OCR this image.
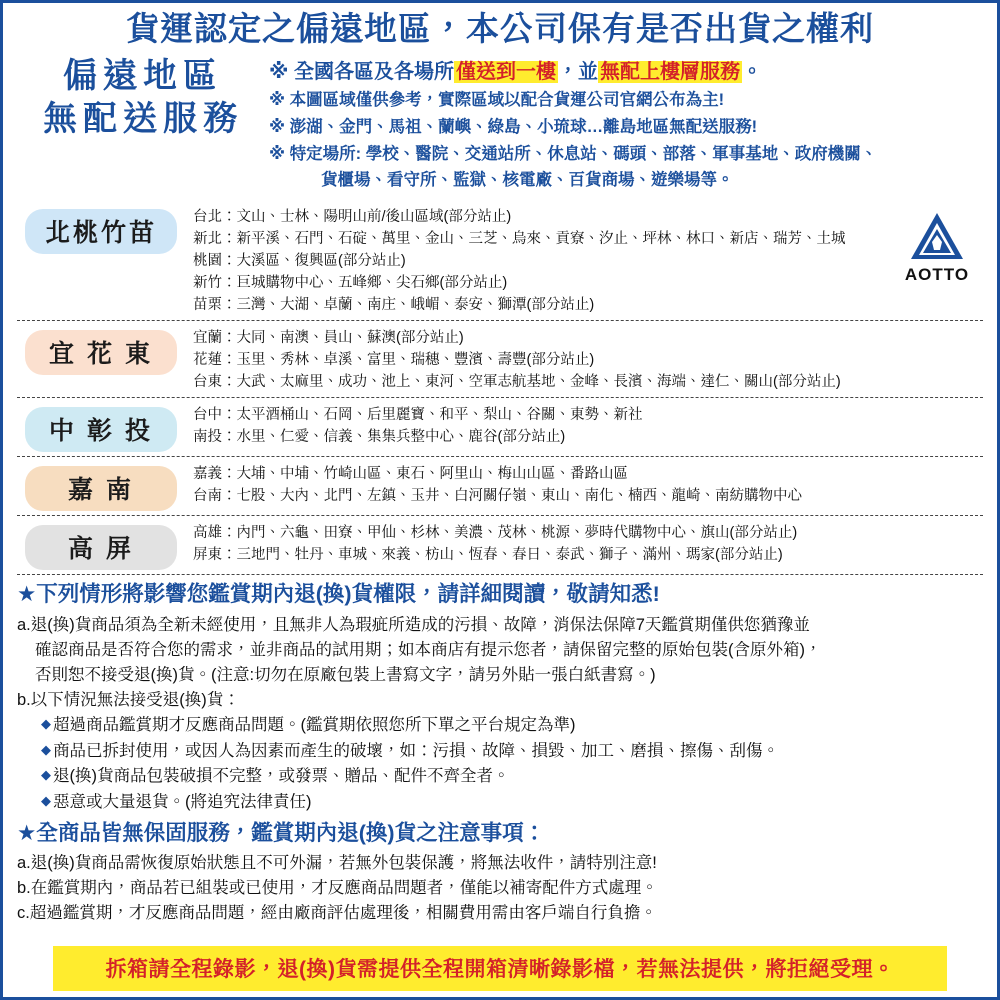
貨運認定之偏遠地區，本公司保有是否出貨之權利
偏遠地區
無配送服務
※ 全國各區及各場所 僅送到一樓 ，並 無配上樓層服務 。
※ 本圖區域僅供參考，實際區域以配合貨運公司官網公布為主!
※ 澎湖、金門、馬祖、蘭嶼、綠島、小琉球…離島地區無配送服務!
※ 特定場所: 學校、醫院、交通站所、休息站、碼頭、部落、軍事基地、政府機關、
貨櫃場、看守所、監獄、核電廠、百貨商場、遊樂場等。
北桃竹苗
台北：文山、士林、陽明山前/後山區域(部分站止)
新北：新平溪、石門、石碇、萬里、金山、三芝、烏來、貢寮、汐止、坪林、林口、新店、瑞芳、土城
桃園：大溪區、復興區(部分站止)
新竹：巨城購物中心、五峰鄉、尖石鄉(部分站止)
苗栗：三灣、大湖、卓蘭、南庄、峨嵋、泰安、獅潭(部分站止)
AOTTO
宜 花 東
宜蘭：大同、南澳、員山、蘇澳(部分站止)
花蓮：玉里、秀林、卓溪、富里、瑞穗、豐濱、壽豐(部分站止)
台東：大武、太麻里、成功、池上、東河、空軍志航基地、金峰、長濱、海端、達仁、關山(部分站止)
中 彰 投
台中：太平酒桶山、石岡、后里麗寶、和平、梨山、谷關、東勢、新社
南投：水里、仁愛、信義、集集兵整中心、鹿谷(部分站止)
嘉 南
嘉義：大埔、中埔、竹崎山區、東石、阿里山、梅山山區、番路山區
台南：七股、大內、北門、左鎮、玉井、白河關仔嶺、東山、南化、楠西、龍崎、南紡購物中心
高 屏
高雄：內門、六龜、田寮、甲仙、杉林、美濃、茂林、桃源、夢時代購物中心、旗山(部分站止)
屏東：三地門、牡丹、車城、來義、枋山、恆春、春日、泰武、獅子、滿州、瑪家(部分站止)
★下列情形將影響您鑑賞期內退(換)貨權限，請詳細閱讀，敬請知悉!
a.退(換)貨商品須為全新未經使用，且無非人為瑕疵所造成的污損、故障，消保法保障7天鑑賞期僅供您猶豫並
確認商品是否符合您的需求，並非商品的試用期；如本商店有提示您者，請保留完整的原始包裝(含原外箱)，
否則恕不接受退(換)貨。(注意:切勿在原廠包裝上書寫文字，請另外貼一張白紙書寫。)
b.以下情況無法接受退(換)貨：
◆ 超過商品鑑賞期才反應商品問題。(鑑賞期依照您所下單之平台規定為準)
◆ 商品已拆封使用，或因人為因素而產生的破壞，如：污損、故障、損毀、加工、磨損、擦傷、刮傷。
◆ 退(換)貨商品包裝破損不完整，或發票、贈品、配件不齊全者。
◆ 惡意或大量退貨。(將追究法律責任)
★全商品皆無保固服務，鑑賞期內退(換)貨之注意事項：
a.退(換)貨商品需恢復原始狀態且不可外漏，若無外包裝保護，將無法收件，請特別注意!
b.在鑑賞期內，商品若已組裝或已使用，才反應商品問題者，僅能以補寄配件方式處理。
c.超過鑑賞期，才反應商品問題，經由廠商評估處理後，相關費用需由客戶端自行負擔。
拆箱請全程錄影，退(換)貨需提供全程開箱清晰錄影檔，若無法提供，將拒絕受理。
